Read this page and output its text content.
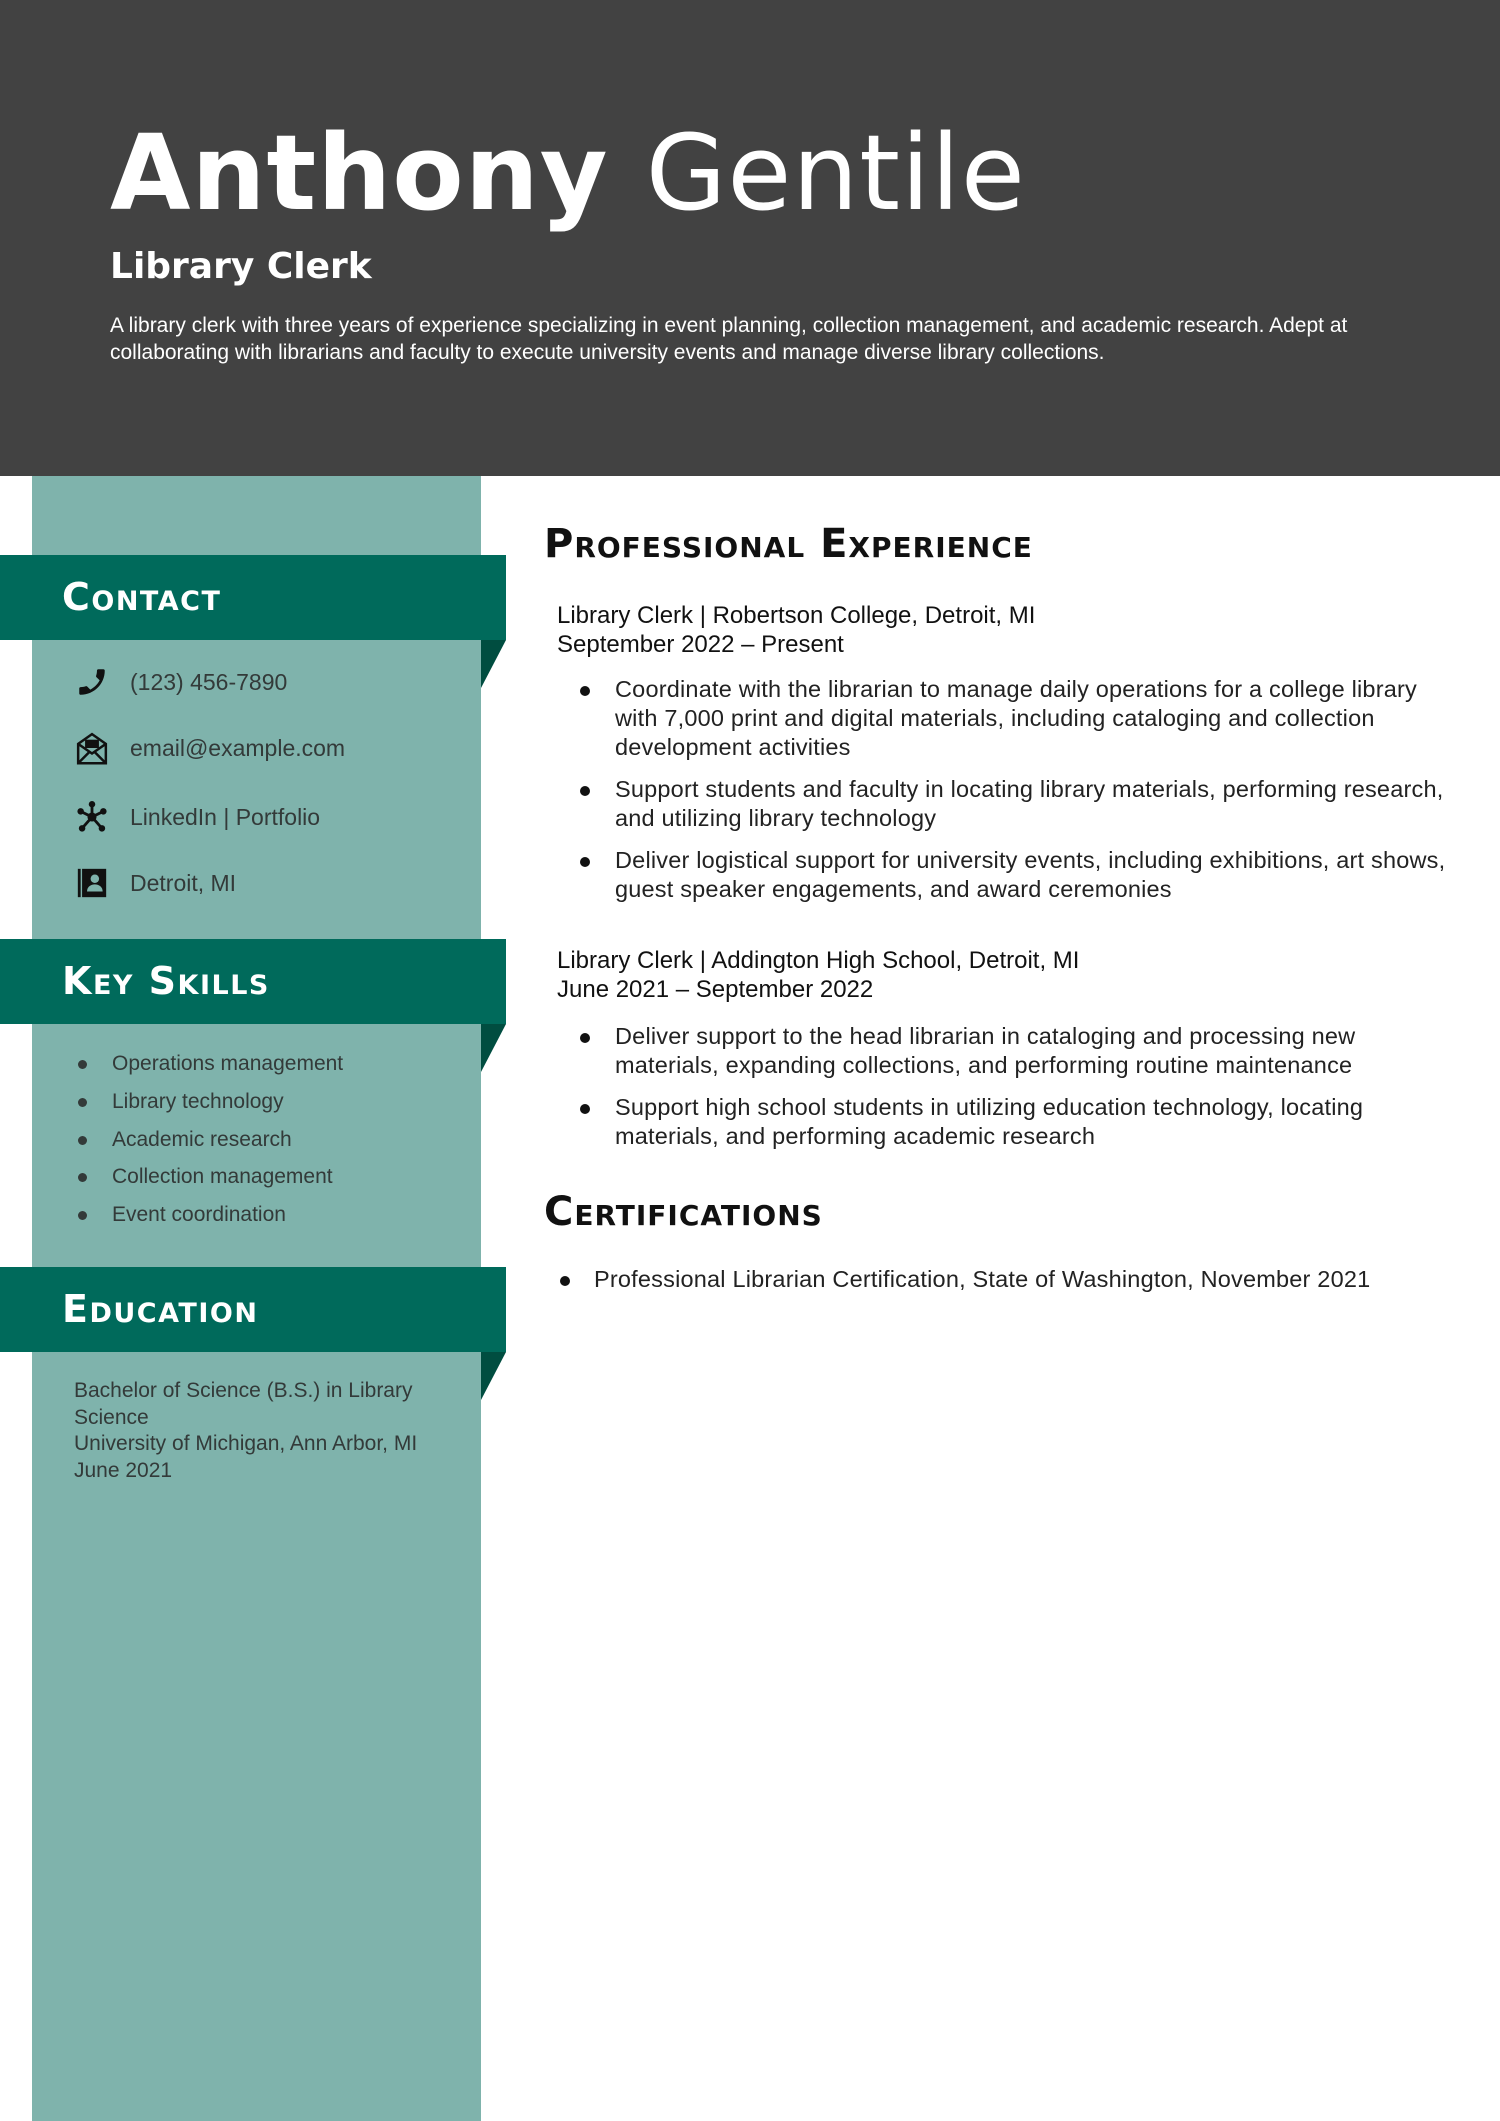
Anthony Gentile
Library Clerk

A library clerk with three years of experience specializing in event planning, collection management, and academic research. Adept at collaborating with librarians and faculty to execute university events and manage diverse library collections.

Contact
(123) 456-7890
email@example.com
LinkedIn | Portfolio
Detroit, MI
Key Skills
Operations management
Library technology
Academic research
Collection management
Event coordination
Education
Bachelor of Science (B.S.) in Library Science
University of Michigan, Ann Arbor, MI
June 2021
Professional Experience
Library Clerk | Robertson College, Detroit, MI
September 2022 – Present
Coordinate with the librarian to manage daily operations for a college library with 7,000 print and digital materials, including cataloging and collection development activities
Support students and faculty in locating library materials, performing research, and utilizing library technology
Deliver logistical support for university events, including exhibitions, art shows, guest speaker engagements, and award ceremonies
Library Clerk | Addington High School, Detroit, MI
June 2021 – September 2022
Deliver support to the head librarian in cataloging and processing new materials, expanding collections, and performing routine maintenance
Support high school students in utilizing education technology, locating materials, and performing academic research
Certifications
Professional Librarian Certification, State of Washington, November 2021
